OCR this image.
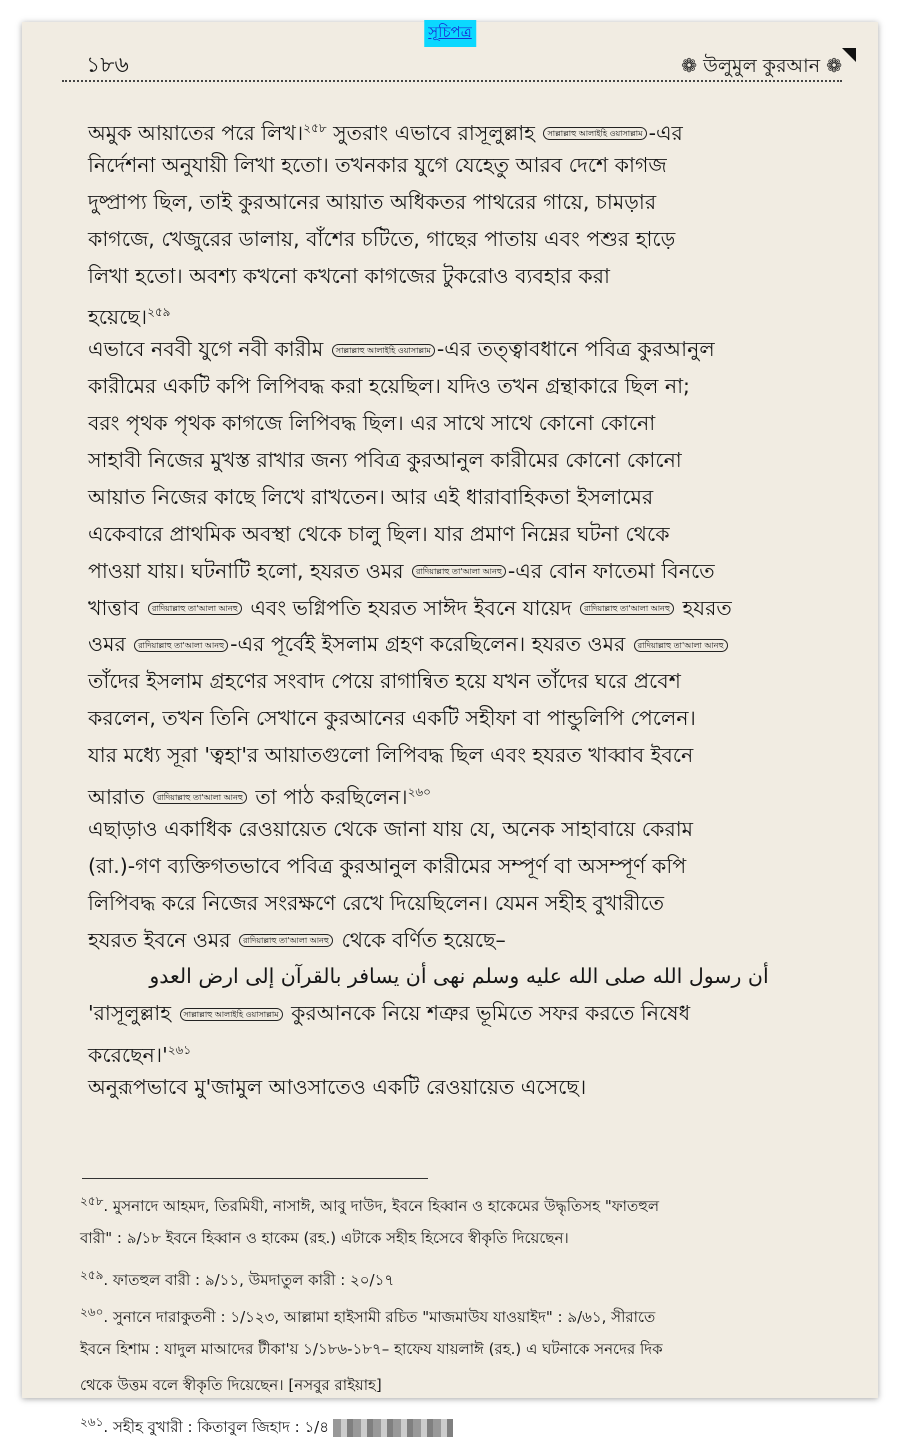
১৮৬	❁ উলুমুল কুরআন ❁
অমুক আয়াতের পরে লিখ।$^{২৫৮}$ সুতরাং এভাবে রাসূলুল্লাহ সাল্লাল্লাহু আলাইহি ওয়াসাল্লাম -এর
নির্দেশনা অনুযায়ী লিখা হতো। তখনকার যুগে যেহেতু আরব দেশে কাগজ
দুষ্প্রাপ্য ছিল, তাই কুরআনের আয়াত অধিকতর পাথরের গায়ে, চামড়ার
কাগজে, খেজুরের ডালায়, বাঁশের চটিতে, গাছের পাতায় এবং পশুর হাড়ে
লিখা হতো। অবশ্য কখনো কখনো কাগজের টুকরোও ব্যবহার করা
হয়েছে।$^{২৫৯}$
এভাবে নববী যুগে নবী কারীম সাল্লাল্লাহু আলাইহি ওয়াসাল্লাম -এর তত্ত্বাবধানে পবিত্র কুরআনুল
কারীমের একটি কপি লিপিবদ্ধ করা হয়েছিল। যদিও তখন গ্রন্থাকারে ছিল না;
বরং পৃথক পৃথক কাগজে লিপিবদ্ধ ছিল। এর সাথে সাথে কোনো কোনো
সাহাবী নিজের মুখস্ত রাখার জন্য পবিত্র কুরআনুল কারীমের কোনো কোনো
আয়াত নিজের কাছে লিখে রাখতেন। আর এই ধারাবাহিকতা ইসলামের
একেবারে প্রাথমিক অবস্থা থেকে চালু ছিল। যার প্রমাণ নিম্নের ঘটনা থেকে
পাওয়া যায়। ঘটনাটি হলো, হযরত ওমর রাদিয়াল্লাহু তা'আলা আনহু -এর বোন ফাতেমা বিনতে
খাত্তাব রাদিয়াল্লাহু তা'আলা আনহু এবং ভগ্নিপতি হযরত সাঈদ ইবনে যায়েদ রাদিয়াল্লাহু তা'আলা আনহু হযরত
ওমর রাদিয়াল্লাহু তা'আলা আনহু -এর পূর্বেই ইসলাম গ্রহণ করেছিলেন। হযরত ওমর রাদিয়াল্লাহু তা'আলা আনহু
তাঁদের ইসলাম গ্রহণের সংবাদ পেয়ে রাগান্বিত হয়ে যখন তাঁদের ঘরে প্রবেশ
করলেন, তখন তিনি সেখানে কুরআনের একটি সহীফা বা পান্ডুলিপি পেলেন।
যার মধ্যে সূরা 'ত্বহা'র আয়াতগুলো লিপিবদ্ধ ছিল এবং হযরত খাব্বাব ইবনে
আরাত রাদিয়াল্লাহু তা'আলা আনহু তা পাঠ করছিলেন।$^{২৬০}$
এছাড়াও একাধিক রেওয়ায়েত থেকে জানা যায় যে, অনেক সাহাবায়ে কেরাম
(রা.)-গণ ব্যক্তিগতভাবে পবিত্র কুরআনুল কারীমের সম্পূর্ণ বা অসম্পূর্ণ কপি
লিপিবদ্ধ করে নিজের সংরক্ষণে রেখে দিয়েছিলেন। যেমন সহীহ বুখারীতে
হযরত ইবনে ওমর রাদিয়াল্লাহু তা'আলা আনহু থেকে বর্ণিত হয়েছে–
أن رسول الله صلى الله عليه وسلم نهى أن يسافر بالقرآن إلى ارض العدو
'রাসূলুল্লাহ সাল্লাল্লাহু আলাইহি ওয়াসাল্লাম কুরআনকে নিয়ে শত্রুর ভূমিতে সফর করতে নিষেধ
$করেছেন।'^{২৬১}$
অনুরূপভাবে মু'জামুল আওসাতেও একটি রেওয়ায়েত এসেছে।
$^{২৫৮}$. মুসনাদে আহমদ, তিরমিযী, নাসাঈ, আবু দাউদ, ইবনে হিব্বান ও হাকেমের উদ্ধৃতিসহ "ফাতহুল
বারী" : ৯/১৮ ইবনে হিব্বান ও হাকেম (রহ.) এটাকে সহীহ হিসেবে স্বীকৃতি দিয়েছেন।
$^{২৫৯}$. ফাতহুল বারী : ৯/১১, উমদাতুল কারী : ২০/১৭
$^{২৬০}$. সুনানে দারাকুতনী : ১/১২৩, আল্লামা হাইসামী রচিত "মাজমাউয যাওয়াইদ" : ৯/৬১, সীরাতে
ইবনে হিশাম : যাদুল মাআদের টীকা'য় ১/১৮৬-১৮৭– হাফেয যায়লাঈ (রহ.) এ ঘটনাকে সনদের দিক
থেকে উত্তম বলে স্বীকৃতি দিয়েছেন। [নসবুর রাইয়াহ]
$^{২৬১}$. সহীহ বুখারী : কিতাবুল জিহাদ : ১/৪
সূচিপত্র
